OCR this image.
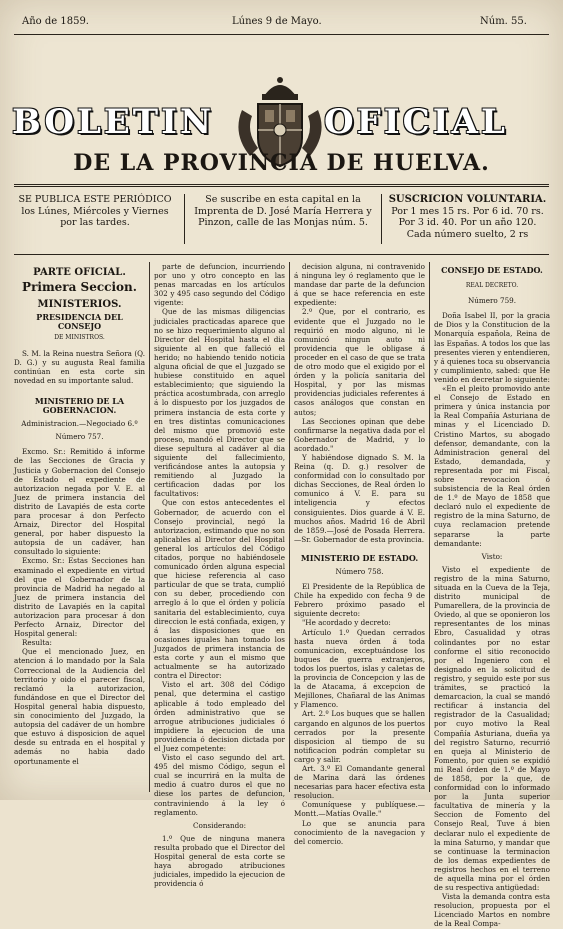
Año de 1859.	Lúnes 9 de Mayo.	Núm. 55.
BOLETIN	OFICIAL
DE LA PROVINCIA DE HUELVA.
SE PUBLICA ESTE PERIÓDICO los Lúnes, Miércoles y Viernes por las tardes.
Se suscribe en esta capital en la Imprenta de D. José María Herrera y Pinzon, calle de las Monjas núm. 5.
SUSCRICION VOLUNTARIA.
Por 1 mes 15 rs. Por 6 id. 70 rs.
Por 3 id. 40. Por un año 120.
Cada número suelto, 2 rs

PARTE OFICIAL.

Primera Seccion.

MINISTERIOS.

PRESIDENCIA DEL CONSEJO

DE MINISTROS.

S. M. la Reina nuestra Señora (Q. D. G.) y su augusta Real familia continúan en esta corte sin novedad en su importante salud.

MINISTERIO DE LA GOBERNACION.

Administracion.—Negociado 6.º

Número 757.

Excmo. Sr.: Remitido á informe de las Secciones de Gracia y Justicia y Gobernacion del Consejo de Estado el expediente de autorizacion negada por V. E. al Juez de primera instancia del distrito de Lavapiés de esta corte para procesar á don Perfecto Arnaiz, Director del Hospital general, por haber dispuesto la autopsia de un cadáver, han consultado lo siguiente:

Excmo. Sr.: Estas Secciones han examinado el expediente en virtud del que el Gobernador de la provincia de Madrid ha negado al Juez de primera instancia del distrito de Lavapiés en la capital autorizacion para procesar á don Perfecto Arnaiz, Director del Hospital general:

Resulta:

Que el mencionado Juez, en atencion á lo mandado por la Sala Correccional de la Audiencia del territorio y oido el parecer fiscal, reclamó la autorizacion, fundándose en que el Director del Hospital general habia dispuesto, sin conocimiento del Juzgado, la autopsia del cadáver de un hombre que estuvo á disposicion de aquel desde su entrada en el hospital y además no habia dado oportunamente el

parte de defuncion, incurriendo por uno y otro concepto en las penas marcadas en los artículos 302 y 495 caso segundo del Código vigente:

Que de las mismas diligencias judiciales practicadas aparece que no se hizo requerimiento alguno al Director del Hospital hasta el dia siguiente al en que falleció el herido; no habiendo tenido noticia alguna oficial de que el Juzgado se hubiese constituido en aquel establecimiento; que siguiendo la práctica acostumbrada, con arreglo á lo dispuesto por los juzgados de primera instancia de esta corte y en tres distintas comunicaciones del mismo que promovió este proceso, mandó el Director que se diese sepultura al cadáver al dia siguiente del fallecimiento, verificándose antes la autopsia y remitiendo al Juzgado la certificacion dadas por los facultativos:

Que con estos antecedentes el Gobernador, de acuerdo con el Consejo provincial, negó la autorizacion, estimando que no son aplicables al Director del Hospital general los artículos del Código citados, porque no habiéndosele comunicado órden alguna especial que hiciese referencia al caso particular de que se trata, cumplió con su deber, procediendo con arreglo á lo que el órden y policía sanitaria del establecimiento, cuya direccion le está confiada, exigen, y á las disposiciones que en ocasiones iguales han tomado los Juzgados de primera instancia de esta corte y aun el mismo que actualmente se ha autorizado contra el Director:

Visto el art. 308 del Código penal, que determina el castigo aplicable á todo empleado del órden administrativo que se arrogue atribuciones judiciales ó impidiere la ejecucion de una providencia ó decision dictada por el Juez competente:

Visto el caso segundo del art. 495 del mismo Código, segun el cual se incurrirá en la multa de medio á cuatro duros el que no diese los partes de defuncion, contraviniendo á la ley ó reglamento.

Considerando:

1.º Que de ninguna manera resulta probado que el Director del Hospital general de esta corte se haya abrogado atribuciones judiciales, impedido la ejecucion de providencia ó

decision alguna, ni contravenido á ninguna ley ó reglamento que le mandase dar parte de la defuncion á que se hace referencia en este expediente:

2.º Que, por el contrario, es evidente que el Juzgado no le requirió en modo alguno, ni le comunicó ningun auto ni providencia que le obligase á proceder en el caso de que se trata de otro modo que el exigido por el órden y la policía sanitaria del Hospital, y por las mismas providencias judiciales referentes á casos análogos que constan en autos;

Las Secciones opinan que debe confirmarse la negativa dada por el Gobernador de Madrid, y lo acordado."

Y habiéndose dignado S. M. la Reina (q. D. g.) resolver de conformidad con lo consultado por dichas Secciones, de Real órden lo comunico á V. E. para su inteligencia y efectos consiguientes. Dios guarde á V. E. muchos años. Madrid 16 de Abril de 1859.—José de Posada Herrera.—Sr. Gobernador de esta provincia.

MINISTERIO DE ESTADO.

Número 758.

El Presidente de la República de Chile ha expedido con fecha 9 de Febrero próximo pasado el siguiente decreto:

"He acordado y decreto:

Artículo 1.º Quedan cerrados hasta nueva órden á toda comunicacion, exceptuándose los buques de guerra extranjeros, todos los puertos, islas y caletas de la provincia de Concepcion y las de la de Atacama, á excepcion de Mejillones, Chañaral de las Animas y Flamenco.

Art. 2.º Los buques que se hallen cargando en algunos de los puertos cerrados por la presente disposicion al tiempo de su notificacion podrán completar su cargo y salir.

Art. 3.º El Comandante general de Marina dará las órdenes necesarias para hacer efectiva esta resolucion.

Comuníquese y publíquese.—Montt.—Matías Ovalle."

Lo que se anuncia para conocimiento de la navegacion y del comercio.

CONSEJO DE ESTADO.

REAL DECRETO.

Número 759.

Doña Isabel II, por la gracia de Dios y la Constitucion de la Monarquía española, Reina de las Españas. A todos los que las presentes vieren y entendieren, y á quienes toca su observancia y cumplimiento, sabed: que He venido en decretar lo siguiente:

«En el pleito promovido ante el Consejo de Estado en primera y única instancia por la Real Compañía Asturiana de minas y el Licenciado D. Cristino Martos, su abogado defensor, demandante, con la Administracion general del Estado, demandada, y representada por mi Fiscal, sobre revocacion ó subsistencia de la Real órden de 1.º de Mayo de 1858 que declaró nulo el expediente de registro de la mina Saturno, de cuya reclamacion pretende separarse la parte demandante:

Visto:

Visto el expediente de registro de la mina Saturno, situada en la Cueva de la Teja, distrito municipal de Pumarellera, de la provincia de Oviedo, al que se oponieron los representantes de los minas Ebro, Casualidad y otras colindantes por no estar conforme el sitio reconocido por el Ingeniero con el designado en la solicitud de registro, y seguido este por sus trámites, se practicó la demarcacion, la cual se mandó rectificar á instancia del registrador de la Casualidad; por cuyo motivo la Real Compañía Asturiana, dueña ya del registro Saturno, recurrió en queja al Ministerio de Fomento, por quien se expidió mi Real órden de 1.º de Mayo de 1858, por la que, de conformidad con lo informado por la Junta superior facultativa de minería y la Seccion de Fomento del Consejo Real, Tuve á bien declarar nulo el expediente de la mina Saturno, y mandar que se continuase la terminacion de los demas expedientes de registros hechos en el terreno de aquella mina por el órden de su respectiva antigüedad:

Vista la demanda contra esta resolucion, propuesta por el Licenciado Martos en nombre de la Real Compa-
